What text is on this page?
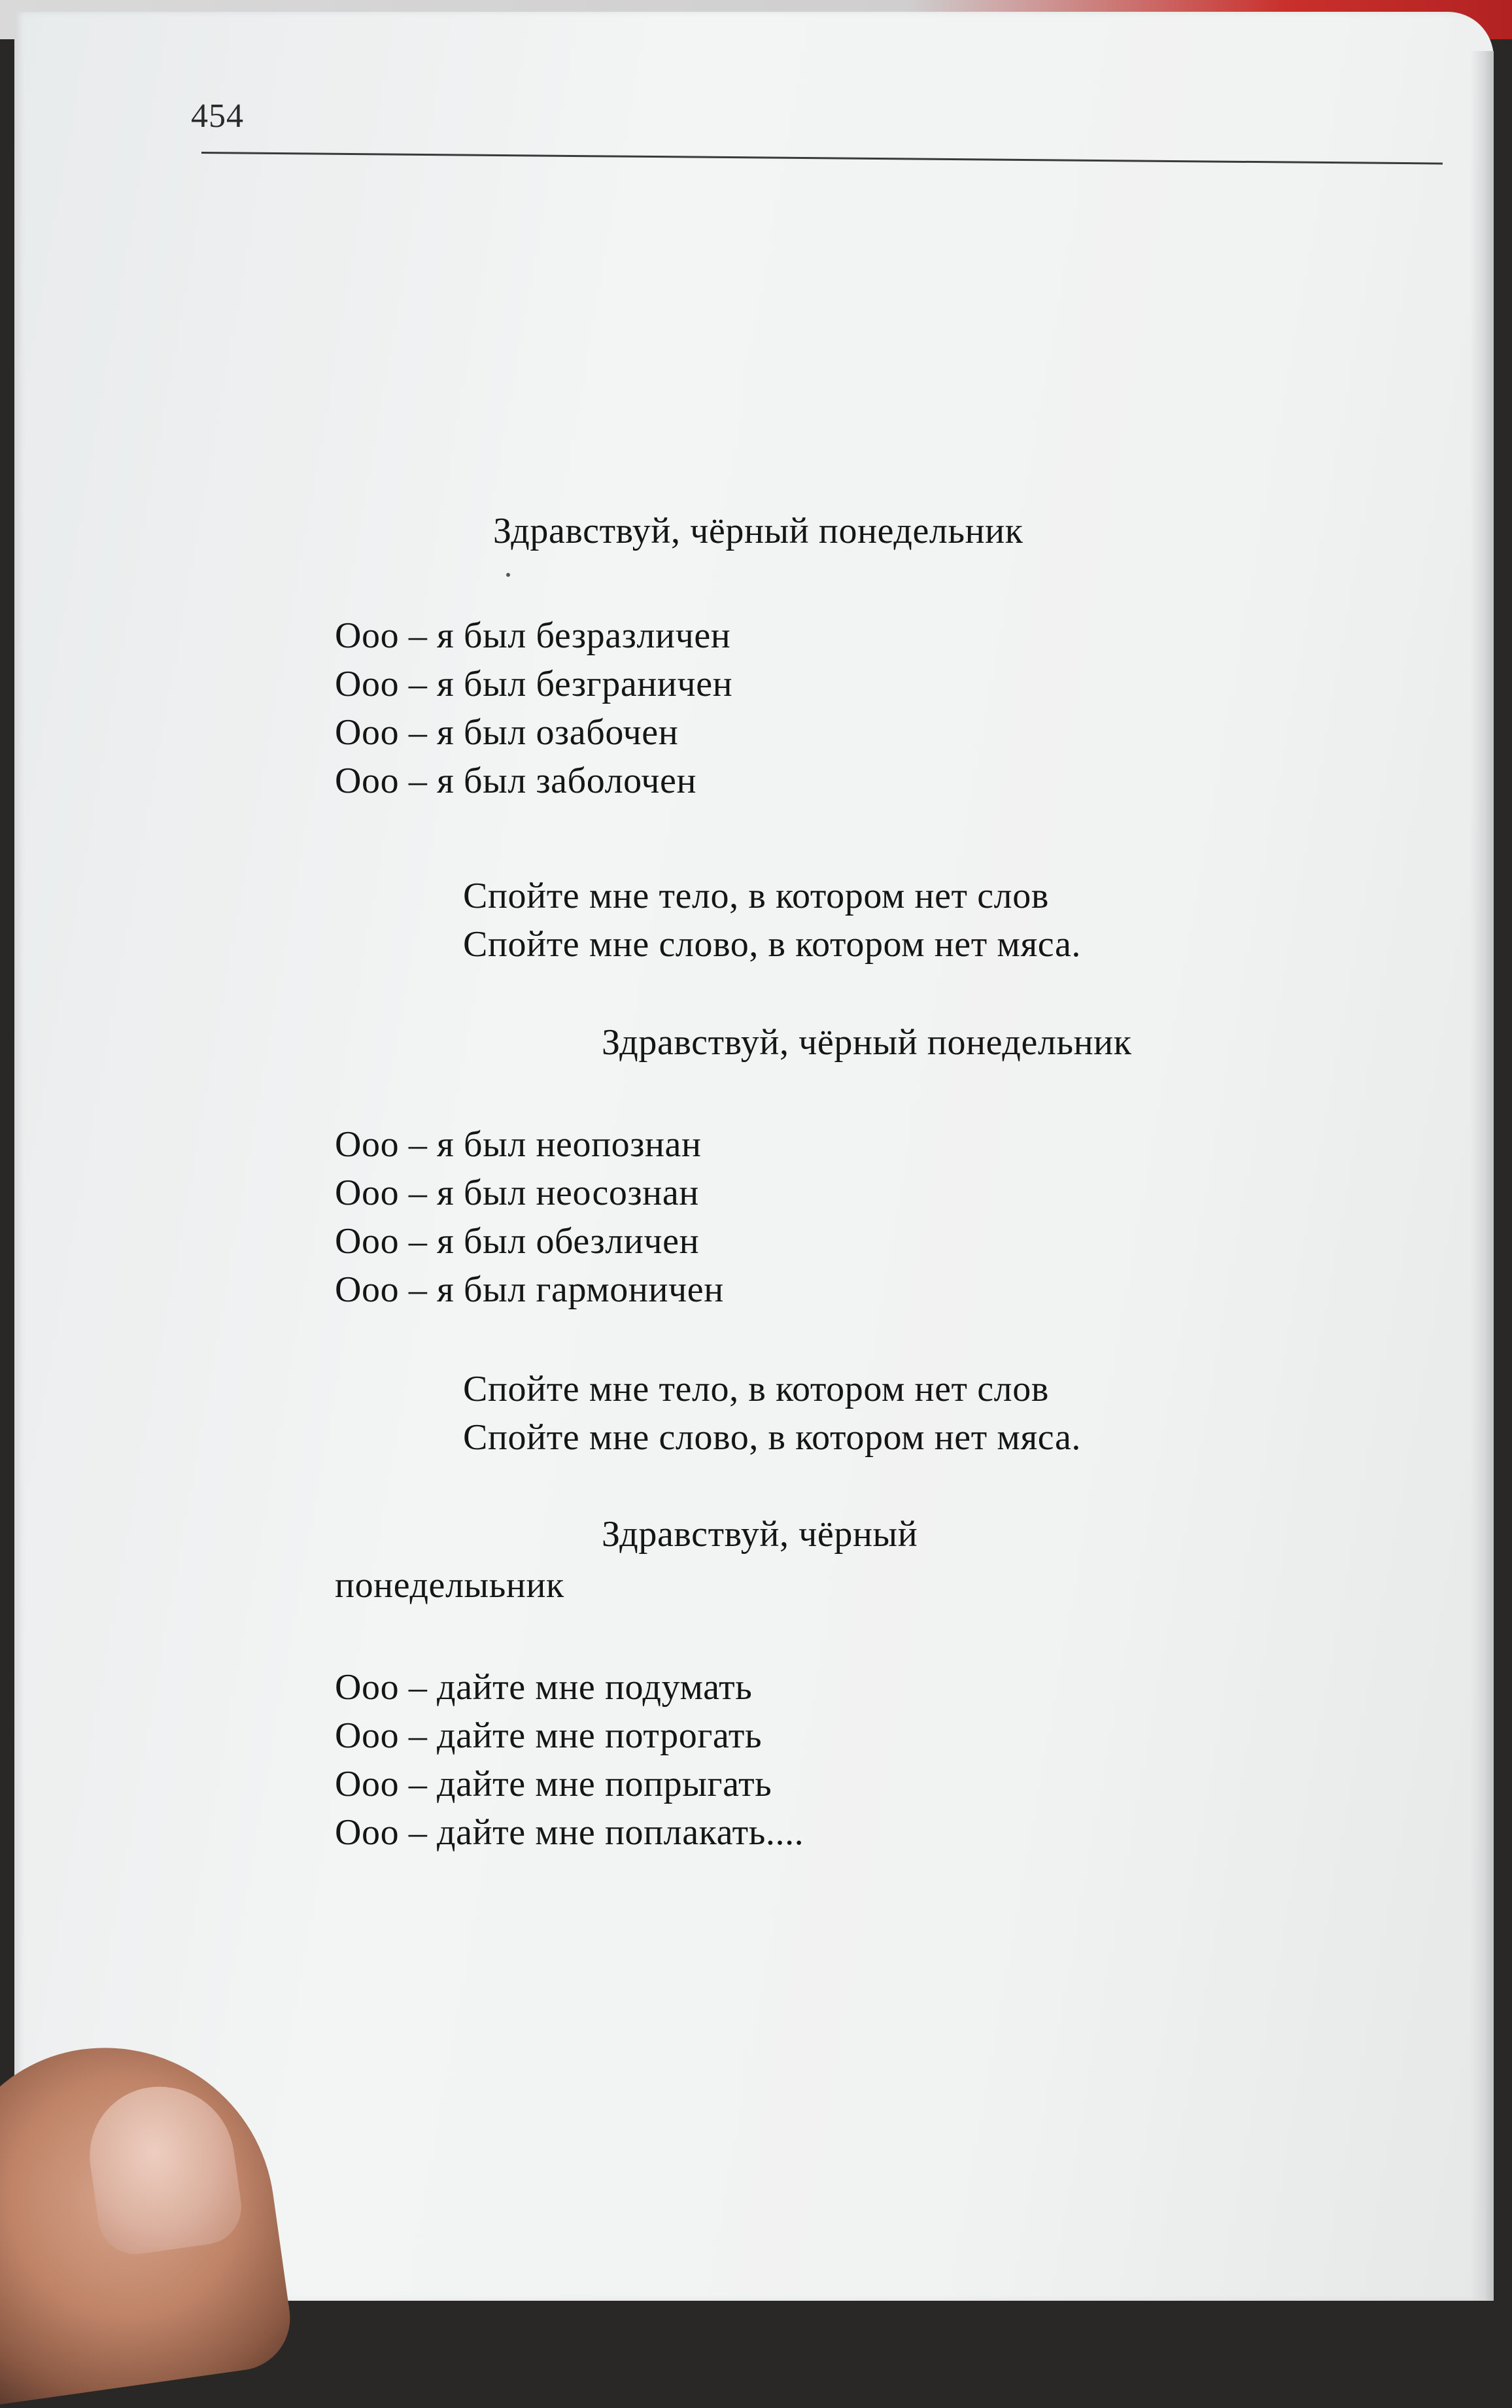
454
Здравствуй, чёрный понедельник
Ооо – я был безразличен
Ооо – я был безграничен
Ооо – я был озабочен
Ооо – я был заболочен
Спойте мне тело, в котором нет слов
Спойте мне слово, в котором нет мяса.
Здравствуй, чёрный понедельник
Ооо – я был неопознан
Ооо – я был неосознан
Ооо – я был обезличен
Ооо – я был гармоничен
Спойте мне тело, в котором нет слов
Спойте мне слово, в котором нет мяса.
Здравствуй, чёрный
понеделыьник
Ооо – дайте мне подумать
Ооо – дайте мне потрогать
Ооо – дайте мне попрыгать
Ооо – дайте мне поплакать....
